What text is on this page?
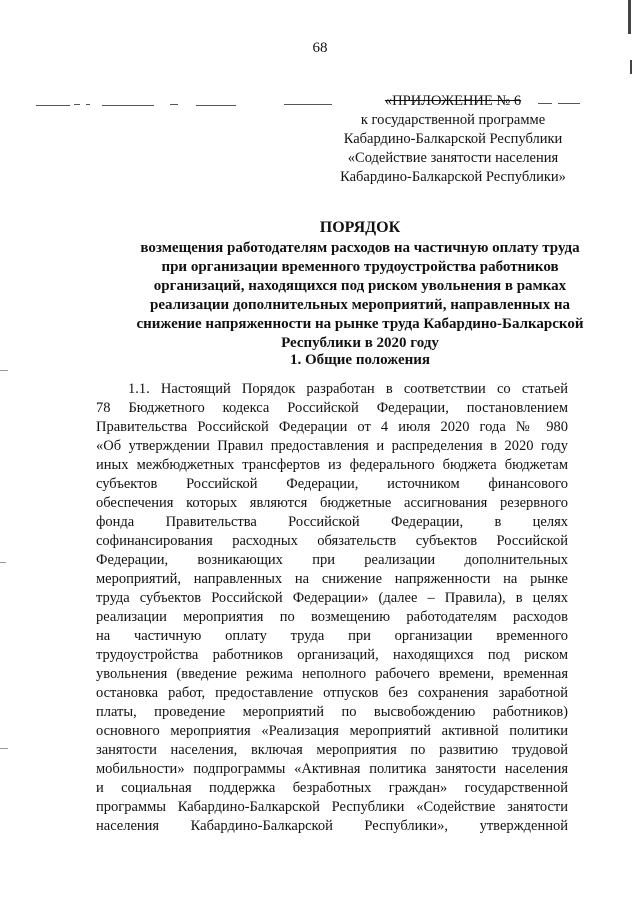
68
«ПРИЛОЖЕНИЕ № 6
к государственной программе
Кабардино-Балкарской Республики
«Содействие занятости населения
Кабардино-Балкарской Республики»
ПОРЯДОК
возмещения работодателям расходов на частичную оплату труда
при организации временного трудоустройства работников
организаций, находящихся под риском увольнения в рамках
реализации дополнительных мероприятий, направленных на
снижение напряженности на рынке труда Кабардино-Балкарской
Республики в 2020 году
1. Общие положения
1.1. Настоящий Порядок разработан в соответствии со статьей
78 Бюджетного кодекса Российской Федерации, постановлением
Правительства Российской Федерации от 4 июля 2020 года № 980
«Об утверждении Правил предоставления и распределения в 2020 году
иных межбюджетных трансфертов из федерального бюджета бюджетам
субъектов Российской Федерации, источником финансового
обеспечения которых являются бюджетные ассигнования резервного
фонда Правительства Российской Федерации, в целях
софинансирования расходных обязательств субъектов Российской
Федерации, возникающих при реализации дополнительных
мероприятий, направленных на снижение напряженности на рынке
труда субъектов Российской Федерации» (далее – Правила), в целях
реализации мероприятия по возмещению работодателям расходов
на частичную оплату труда при организации временного
трудоустройства работников организаций, находящихся под риском
увольнения (введение режима неполного рабочего времени, временная
остановка работ, предоставление отпусков без сохранения заработной
платы, проведение мероприятий по высвобождению работников)
основного мероприятия «Реализация мероприятий активной политики
занятости населения, включая мероприятия по развитию трудовой
мобильности» подпрограммы «Активная политика занятости населения
и социальная поддержка безработных граждан» государственной
программы Кабардино-Балкарской Республики «Содействие занятости
населения Кабардино-Балкарской Республики», утвержденной
